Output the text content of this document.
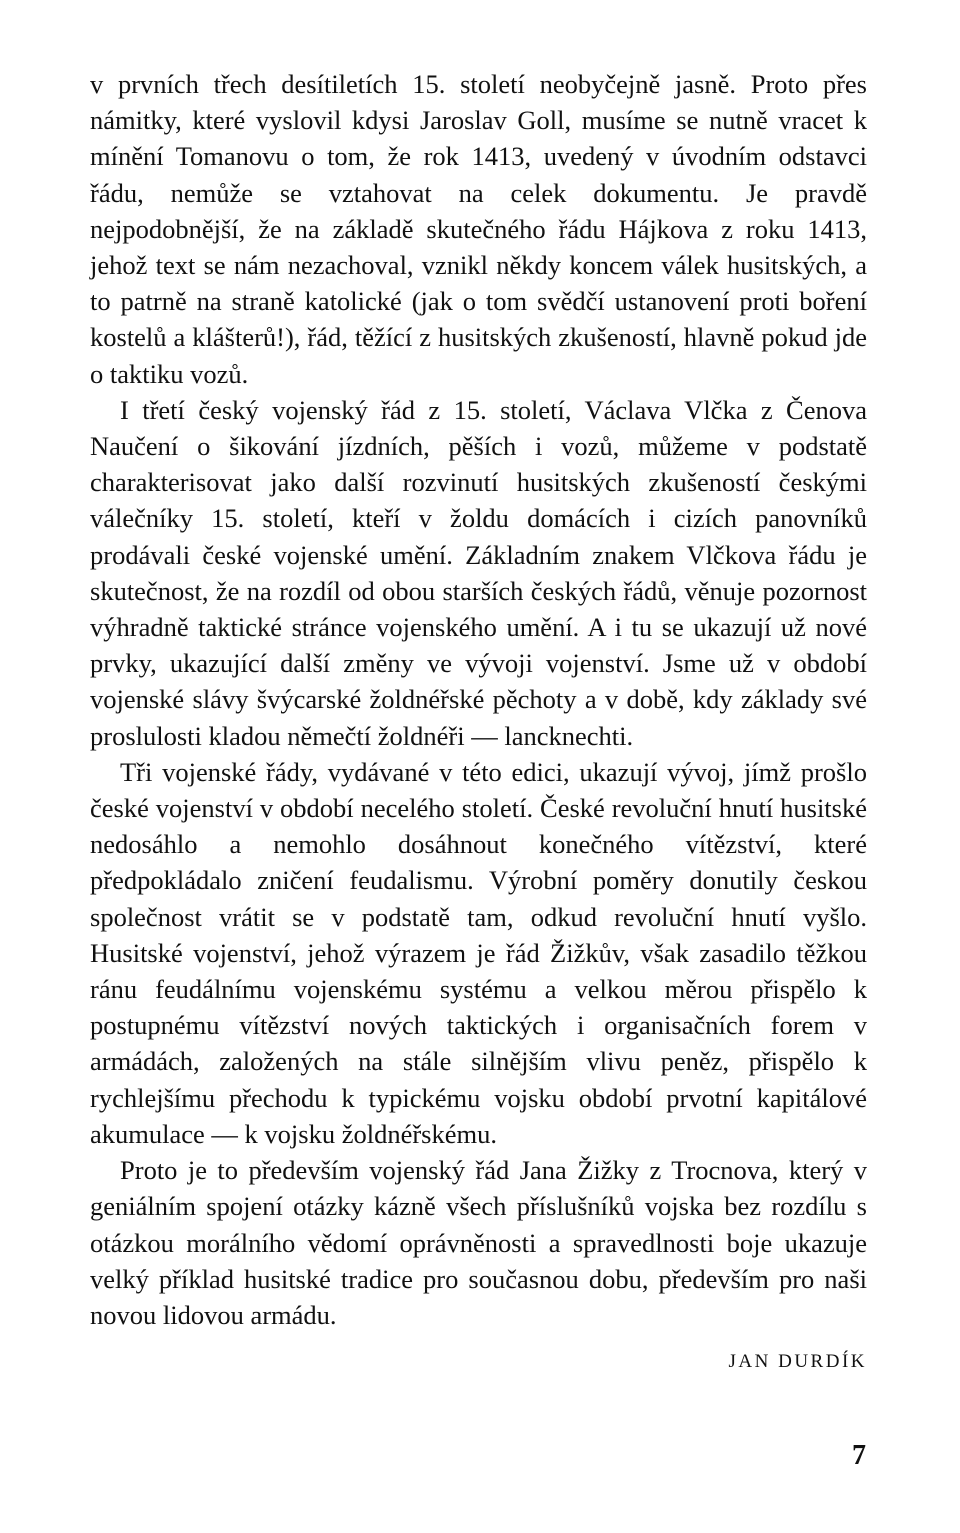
v prvních třech desítiletích 15. století neobyčejně jasně. Proto přes námitky, které vyslovil kdysi Jaroslav Goll, musíme se nutně vracet k mínění Tomanovu o tom, že rok 1413, uvedený v úvodním odstavci řádu, nemůže se vztahovat na celek dokumentu. Je pravdě nejpodobnější, že na základě skutečného řádu Hájkova z roku 1413, jehož text se nám nezachoval, vznikl někdy koncem válek husitských, a to patrně na straně katolické (jak o tom svědčí ustanovení proti boření kostelů a klášterů!), řád, těžící z husitských zkušeností, hlavně pokud jde o taktiku vozů.

I třetí český vojenský řád z 15. století, Václava Vlčka z Čenova Naučení o šikování jízdních, pěších i vozů, můžeme v podstatě charakterisovat jako další rozvinutí husitských zkušeností českými válečníky 15. století, kteří v žoldu domácích i cizích panovníků prodávali české vojenské umění. Základním znakem Vlčkova řádu je skutečnost, že na rozdíl od obou starších českých řádů, věnuje pozornost výhradně taktické stránce vojenského umění. A i tu se ukazují už nové prvky, ukazující další změny ve vývoji vojenství. Jsme už v období vojenské slávy švýcarské žoldnéřské pěchoty a v době, kdy základy své proslulosti kladou němečtí žoldnéři — lancknechti.

Tři vojenské řády, vydávané v této edici, ukazují vývoj, jímž prošlo české vojenství v období necelého století. České revoluční hnutí husitské nedosáhlo a nemohlo dosáhnout konečného vítězství, které předpokládalo zničení feudalismu. Výrobní poměry donutily českou společnost vrátit se v podstatě tam, odkud revoluční hnutí vyšlo. Husitské vojenství, jehož výrazem je řád Žižkův, však zasadilo těžkou ránu feudálnímu vojenskému systému a velkou měrou přispělo k postupnému vítězství nových taktických i organisačních forem v armádách, založených na stále silnějším vlivu peněz, přispělo k rychlejšímu přechodu k typickému vojsku období prvotní kapitálové akumulace — k vojsku žoldnéřskému.

Proto je to především vojenský řád Jana Žižky z Trocnova, který v geniálním spojení otázky kázně všech příslušníků vojska bez rozdílu s otázkou morálního vědomí oprávněnosti a spravedlnosti boje ukazuje velký příklad husitské tradice pro současnou dobu, především pro naši novou lidovou armádu.

JAN DURDÍK
7
